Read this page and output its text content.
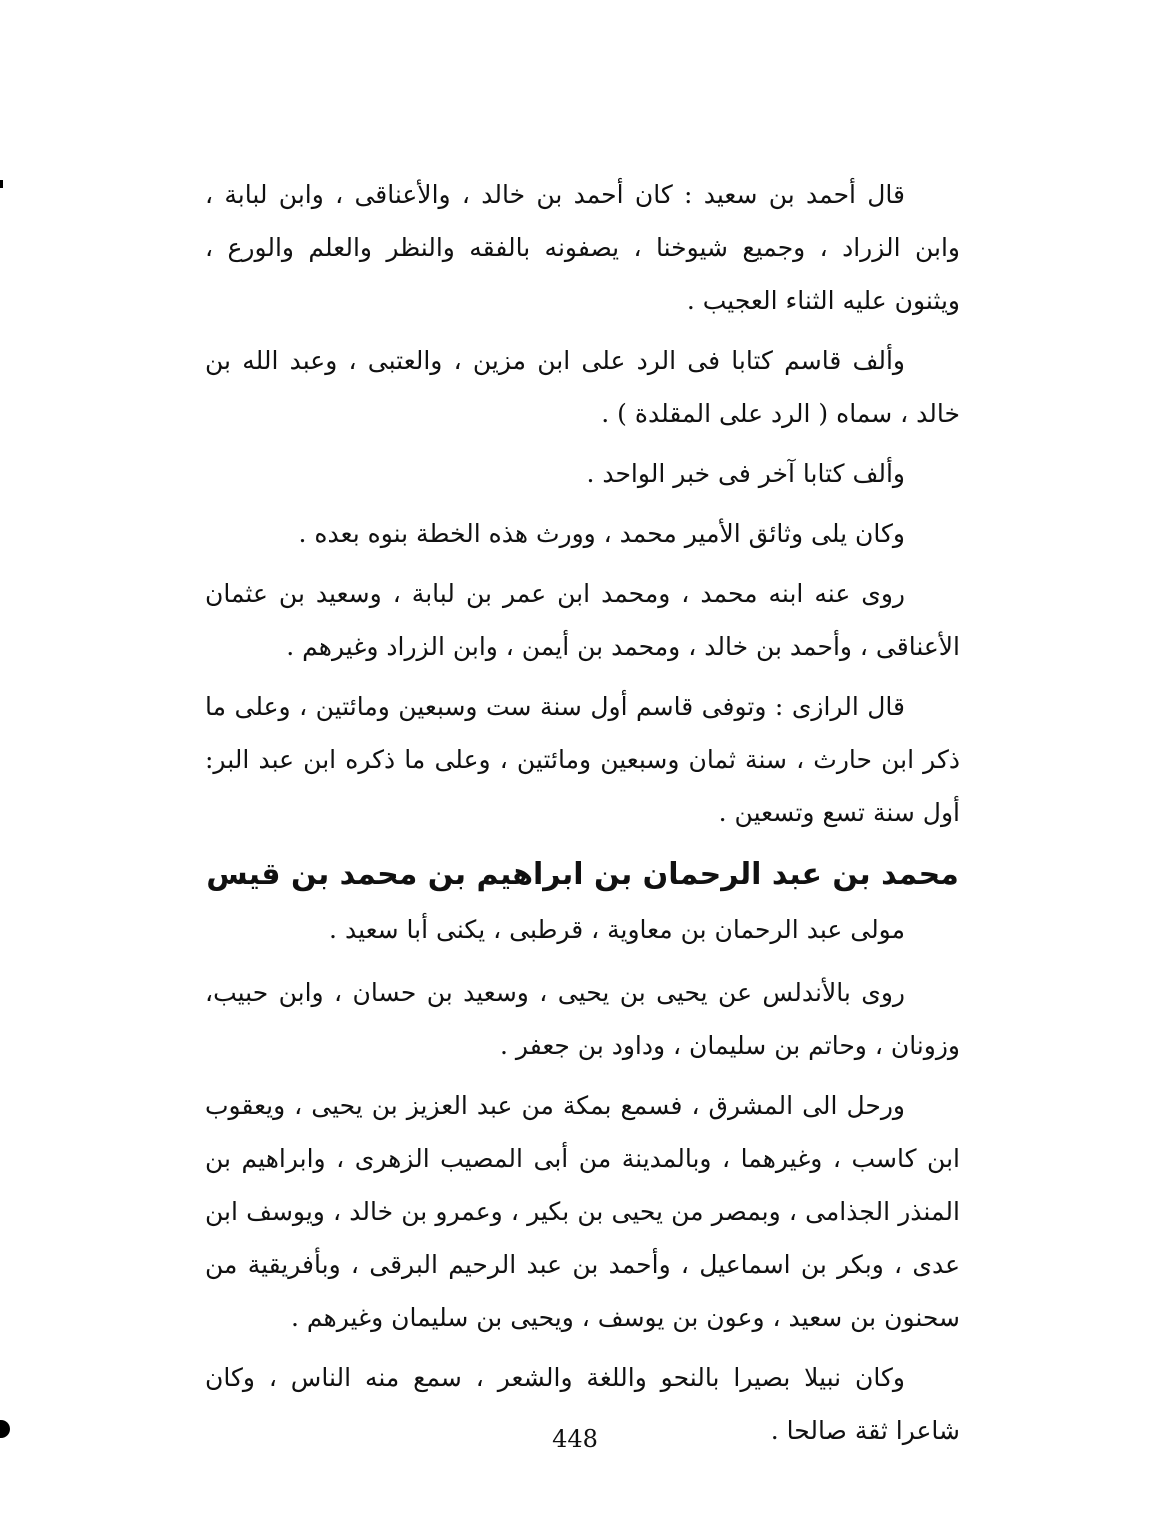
قال أحمد بن سعيد : كان أحمد بن خالد ، والأعناقى ، وابن لبابة ، وابن الزراد ، وجميع شيوخنا ، يصفونه بالفقه والنظر والعلم والورع ، ويثنون عليه الثناء العجيب .

وألف قاسم كتابا فى الرد على ابن مزين ، والعتبى ، وعبد الله بن خالد ، سماه ( الرد على المقلدة ) .

وألف كتابا آخر فى خبر الواحد .

وكان يلى وثائق الأمير محمد ، وورث هذه الخطة بنوه بعده .

روى عنه ابنه محمد ، ومحمد ابن عمر بن لبابة ، وسعيد بن عثمان الأعناقى ، وأحمد بن خالد ، ومحمد بن أيمن ، وابن الزراد وغيرهم .

قال الرازى : وتوفى قاسم أول سنة ست وسبعين ومائتين ، وعلى ما ذكر ابن حارث ، سنة ثمان وسبعين ومائتين ، وعلى ما ذكره ابن عبد البر: أول سنة تسع وتسعين .

محمد بن عبد الرحمان بن ابراهيم بن محمد بن قيس

مولى عبد الرحمان بن معاوية ، قرطبى ، يكنى أبا سعيد .

روى بالأندلس عن يحيى بن يحيى ، وسعيد بن حسان ، وابن حبيب، وزونان ، وحاتم بن سليمان ، وداود بن جعفر .

ورحل الى المشرق ، فسمع بمكة من عبد العزيز بن يحيى ، ويعقوب ابن كاسب ، وغيرهما ، وبالمدينة من أبى المصيب الزهرى ، وابراهيم بن المنذر الجذامى ، وبمصر من يحيى بن بكير ، وعمرو بن خالد ، ويوسف ابن عدى ، وبكر بن اسماعيل ، وأحمد بن عبد الرحيم البرقى ، وبأفريقية من سحنون بن سعيد ، وعون بن يوسف ، ويحيى بن سليمان وغيرهم .

وكان نبيلا بصيرا بالنحو واللغة والشعر ، سمع منه الناس ، وكان شاعرا ثقة صالحا .

448
